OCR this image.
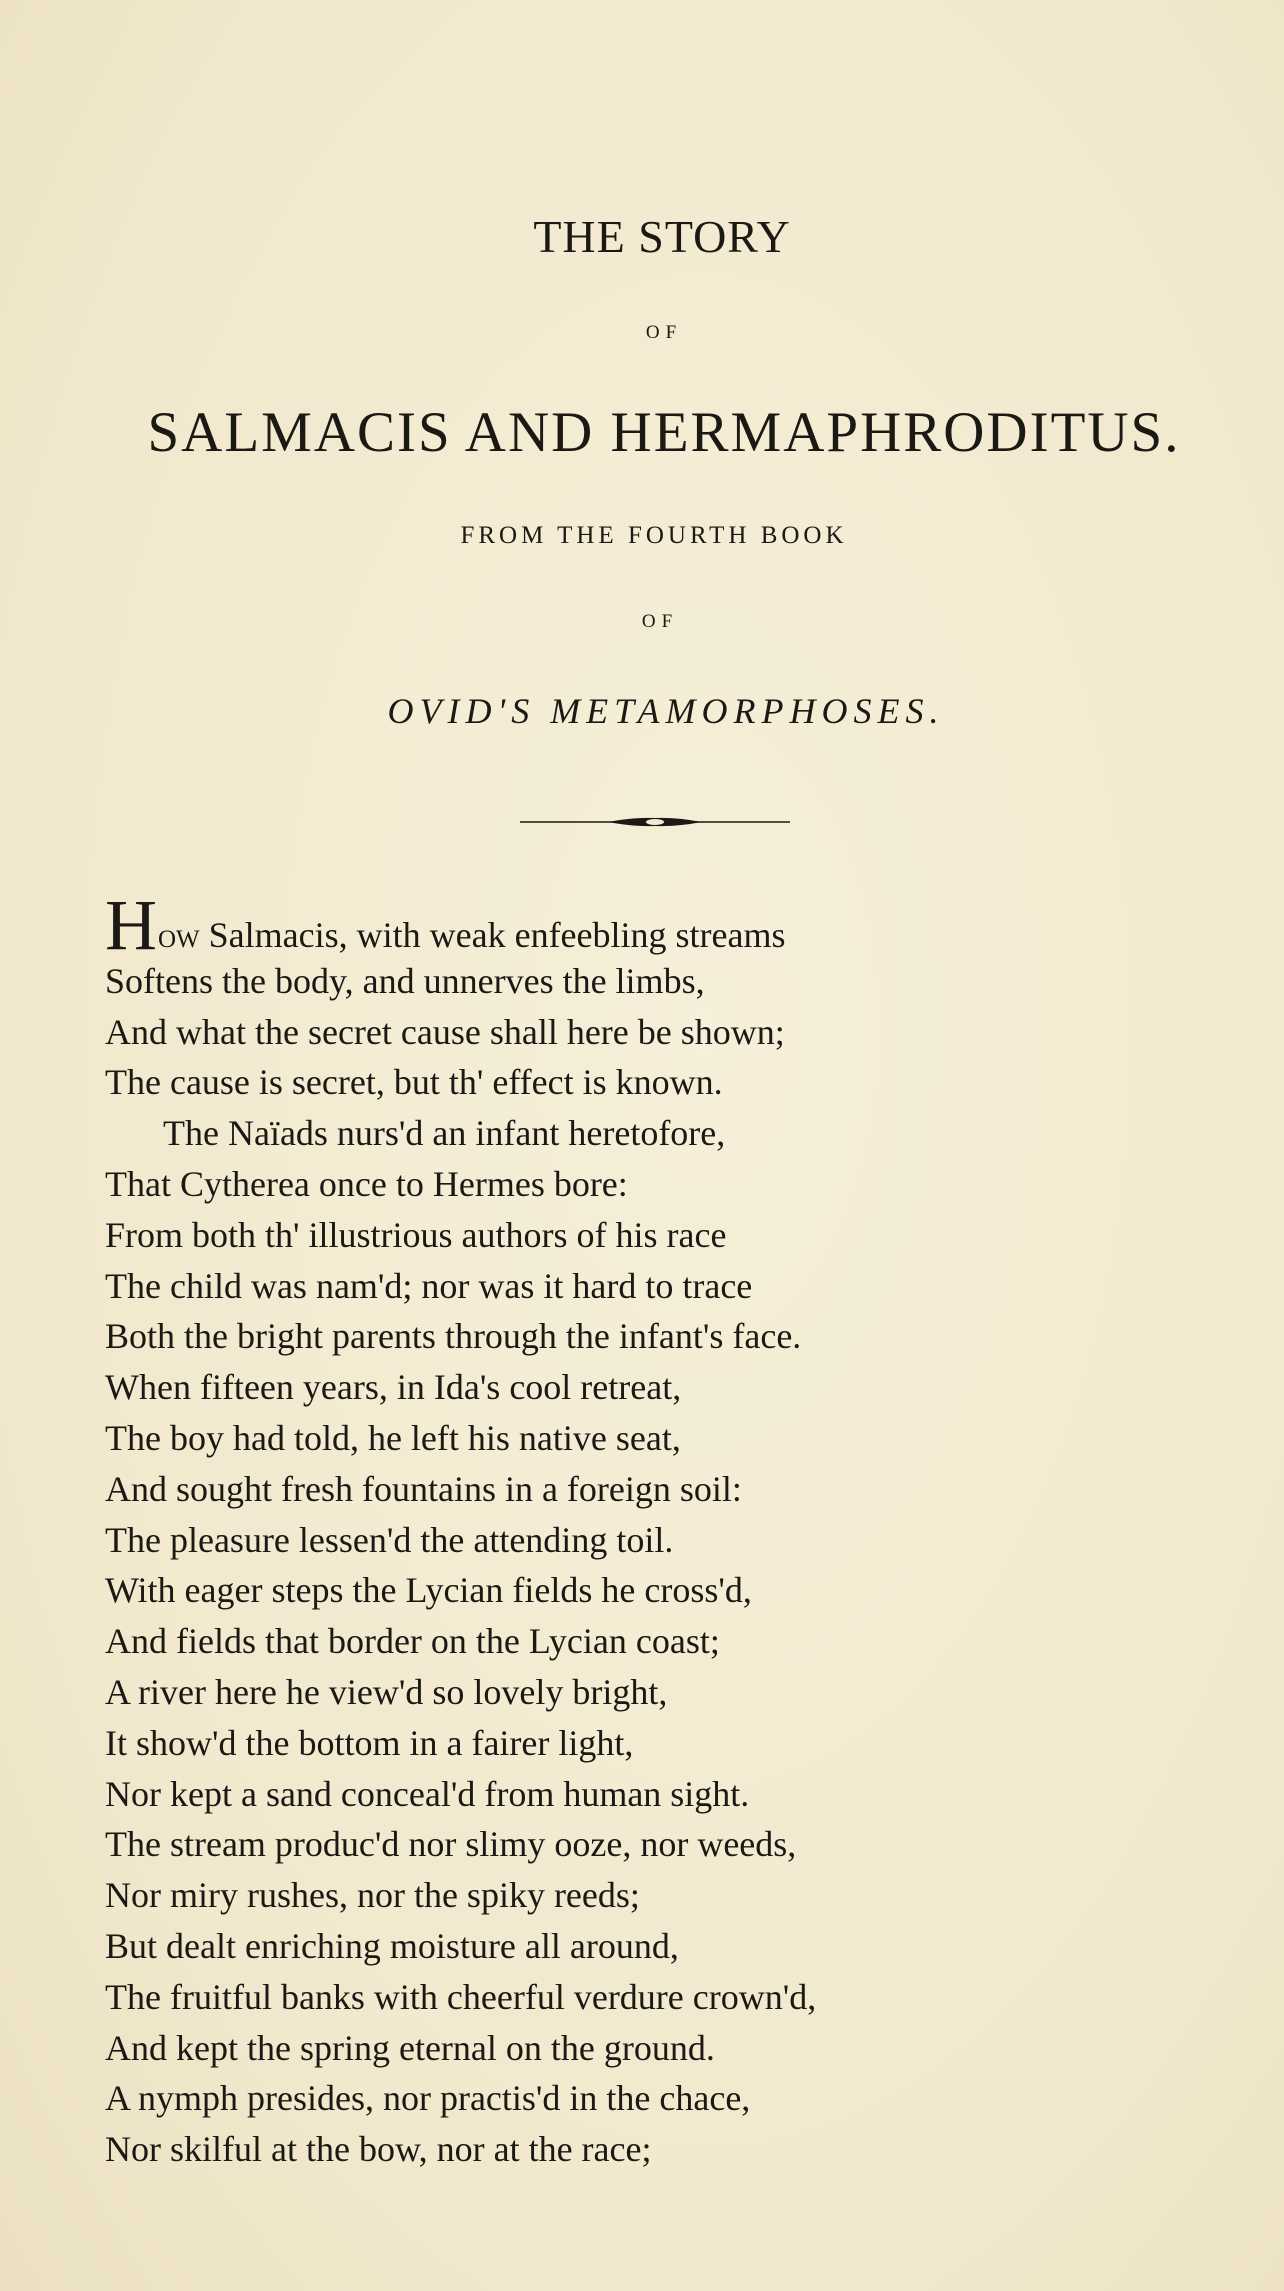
THE STORY
OF
SALMACIS AND HERMAPHRODITUS.
FROM THE FOURTH BOOK
OF
OVID'S METAMORPHOSES.
How Salmacis, with weak enfeebling streams
Softens the body, and unnerves the limbs,
And what the secret cause shall here be shown;
The cause is secret, but th' effect is known.
The Naïads nurs'd an infant heretofore,
That Cytherea once to Hermes bore:
From both th' illustrious authors of his race
The child was nam'd; nor was it hard to trace
Both the bright parents through the infant's face.
When fifteen years, in Ida's cool retreat,
The boy had told, he left his native seat,
And sought fresh fountains in a foreign soil:
The pleasure lessen'd the attending toil.
With eager steps the Lycian fields he cross'd,
And fields that border on the Lycian coast;
A river here he view'd so lovely bright,
It show'd the bottom in a fairer light,
Nor kept a sand conceal'd from human sight.
The stream produc'd nor slimy ooze, nor weeds,
Nor miry rushes, nor the spiky reeds;
But dealt enriching moisture all around,
The fruitful banks with cheerful verdure crown'd,
And kept the spring eternal on the ground.
A nymph presides, nor practis'd in the chace,
Nor skilful at the bow, nor at the race;
